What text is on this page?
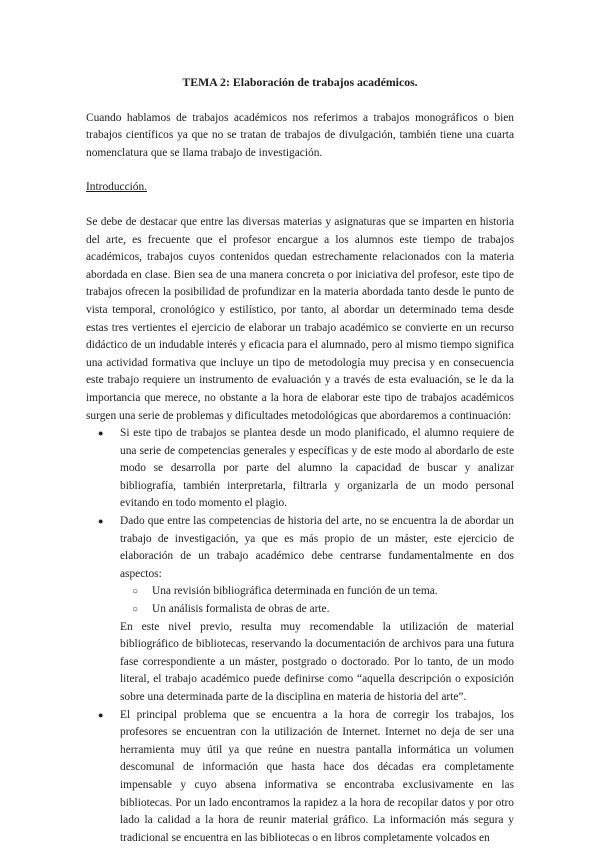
TEMA 2: Elaboración de trabajos académicos.

Cuando hablamos de trabajos académicos nos referimos a trabajos monográficos o bien trabajos científicos ya que no se tratan de trabajos de divulgación, también tiene una cuarta nomenclatura que se llama trabajo de investigación.

Introducción.

Se debe de destacar que entre las diversas materias y asignaturas que se imparten en historia del arte, es frecuente que el profesor encargue a los alumnos este tiempo de trabajos académicos, trabajos cuyos contenidos quedan estrechamente relacionados con la materia abordada en clase. Bien sea de una manera concreta o por iniciativa del profesor, este tipo de trabajos ofrecen la posibilidad de profundizar en la materia abordada tanto desde le punto de vista temporal, cronológico y estilístico, por tanto, al abordar un determinado tema desde estas tres vertientes el ejercicio de elaborar un trabajo académico se convierte en un recurso didáctico de un indudable interés y eficacia para el alumnado, pero al mismo tiempo significa una actividad formativa que incluye un tipo de metodología muy precisa y en consecuencia este trabajo requiere un instrumento de evaluación y a través de esta evaluación, se le da la importancia que merece, no obstante a la hora de elaborar este tipo de trabajos académicos surgen una serie de problemas y dificultades metodológicas que abordaremos a continuación:

● Si este tipo de trabajos se plantea desde un modo planificado, el alumno requiere de una serie de competencias generales y específicas y de este modo al abordarlo de este modo se desarrolla por parte del alumno la capacidad de buscar y analizar bibliografía, también interpretarla, filtrarla y organizarla de un modo personal evitando en todo momento el plagio.
● Dado que entre las competencias de historia del arte, no se encuentra la de abordar un trabajo de investigación, ya que es más propio de un máster, este ejercicio de elaboración de un trabajo académico debe centrarse fundamentalmente en dos aspectos:
○ Una revisión bibliográfica determinada en función de un tema.
○ Un análisis formalista de obras de arte.

En este nivel previo, resulta muy recomendable la utilización de material bibliográfico de bibliotecas, reservando la documentación de archivos para una futura fase correspondiente a un máster, postgrado o doctorado. Por lo tanto, de un modo literal, el trabajo académico puede definirse como “aquella descripción o exposición sobre una determinada parte de la disciplina en materia de historia del arte”.

● El principal problema que se encuentra a la hora de corregir los trabajos, los profesores se encuentran con la utilización de Internet. Internet no deja de ser una herramienta muy útil ya que reúne en nuestra pantalla informática un volumen descomunal de información que hasta hace dos décadas era completamente impensable y cuyo absena informativa se encontraba exclusivamente en las bibliotecas. Por un lado encontramos la rapidez a la hora de recopilar datos y por otro lado la calidad a la hora de reunir material gráfico. La información más segura y tradicional se encuentra en las bibliotecas o en libros completamente volcados en
